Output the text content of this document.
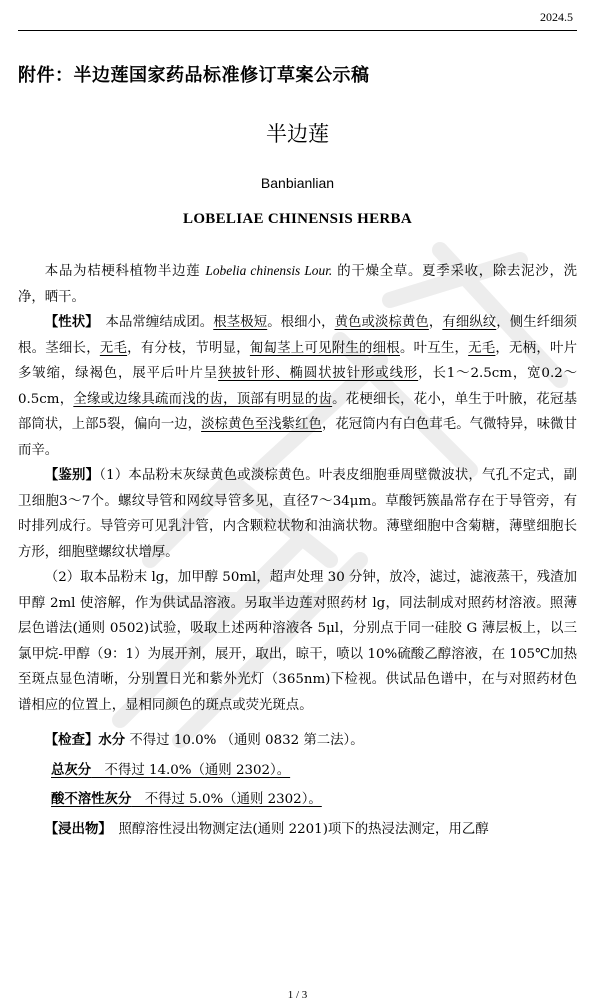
2024.5
附件：半边莲国家药品标准修订草案公示稿
半边莲
Banbianlian
LOBELIAE CHINENSIS HERBA

本品为桔梗科植物半边莲 Lobelia chinensis Lour. 的干燥全草。夏季采收，除去泥沙，洗净，晒干。

【性状】　本品常缠结成团。根茎极短。根细小，黄色或淡棕黄色，有细纵纹，侧生纤细须根。茎细长，无毛，有分枝，节明显，匍匐茎上可见附生的细根。叶互生，无毛，无柄，叶片多皱缩，绿褐色，展平后叶片呈狭披针形、椭圆状披针形或线形，长1～2.5cm，宽0.2～0.5cm，全缘或边缘具疏而浅的齿，顶部有明显的齿。花梗细长，花小，单生于叶腋，花冠基部筒状，上部5裂，偏向一边，淡棕黄色至浅紫红色，花冠筒内有白色茸毛。气微特异，味微甘而辛。

【鉴别】（1）本品粉末灰绿黄色或淡棕黄色。叶表皮细胞垂周壁微波状，气孔不定式，副卫细胞3～7个。螺纹导管和网纹导管多见，直径7～34μm。草酸钙簇晶常存在于导管旁，有时排列成行。导管旁可见乳汁管，内含颗粒状物和油滴状物。薄壁细胞中含菊糖，薄壁细胞长方形，细胞壁螺纹状增厚。

（2）取本品粉末 lg，加甲醇 50ml，超声处理 30 分钟，放冷，滤过，滤液蒸干，残渣加甲醇 2ml 使溶解，作为供试品溶液。另取半边莲对照药材 lg，同法制成对照药材溶液。照薄层色谱法(通则 0502)试验，吸取上述两种溶液各 5μl，分别点于同一硅胶 G 薄层板上，以三氯甲烷-甲醇（9：1）为展开剂，展开，取出，晾干，喷以 10%硫酸乙醇溶液，在 105℃加热至斑点显色清晰，分别置日光和紫外光灯（365nm)下检视。供试品色谱中，在与对照药材色谱相应的位置上，显相同颜色的斑点或荧光斑点。

【检查】水分 不得过 10.0% （通则 0832 第二法）。

总灰分　不得过 14.0%（通则 2302）。

酸不溶性灰分　不得过 5.0%（通则 2302）。

【浸出物】　照醇溶性浸出物测定法(通则 2201)项下的热浸法测定，用乙醇

1 / 3
